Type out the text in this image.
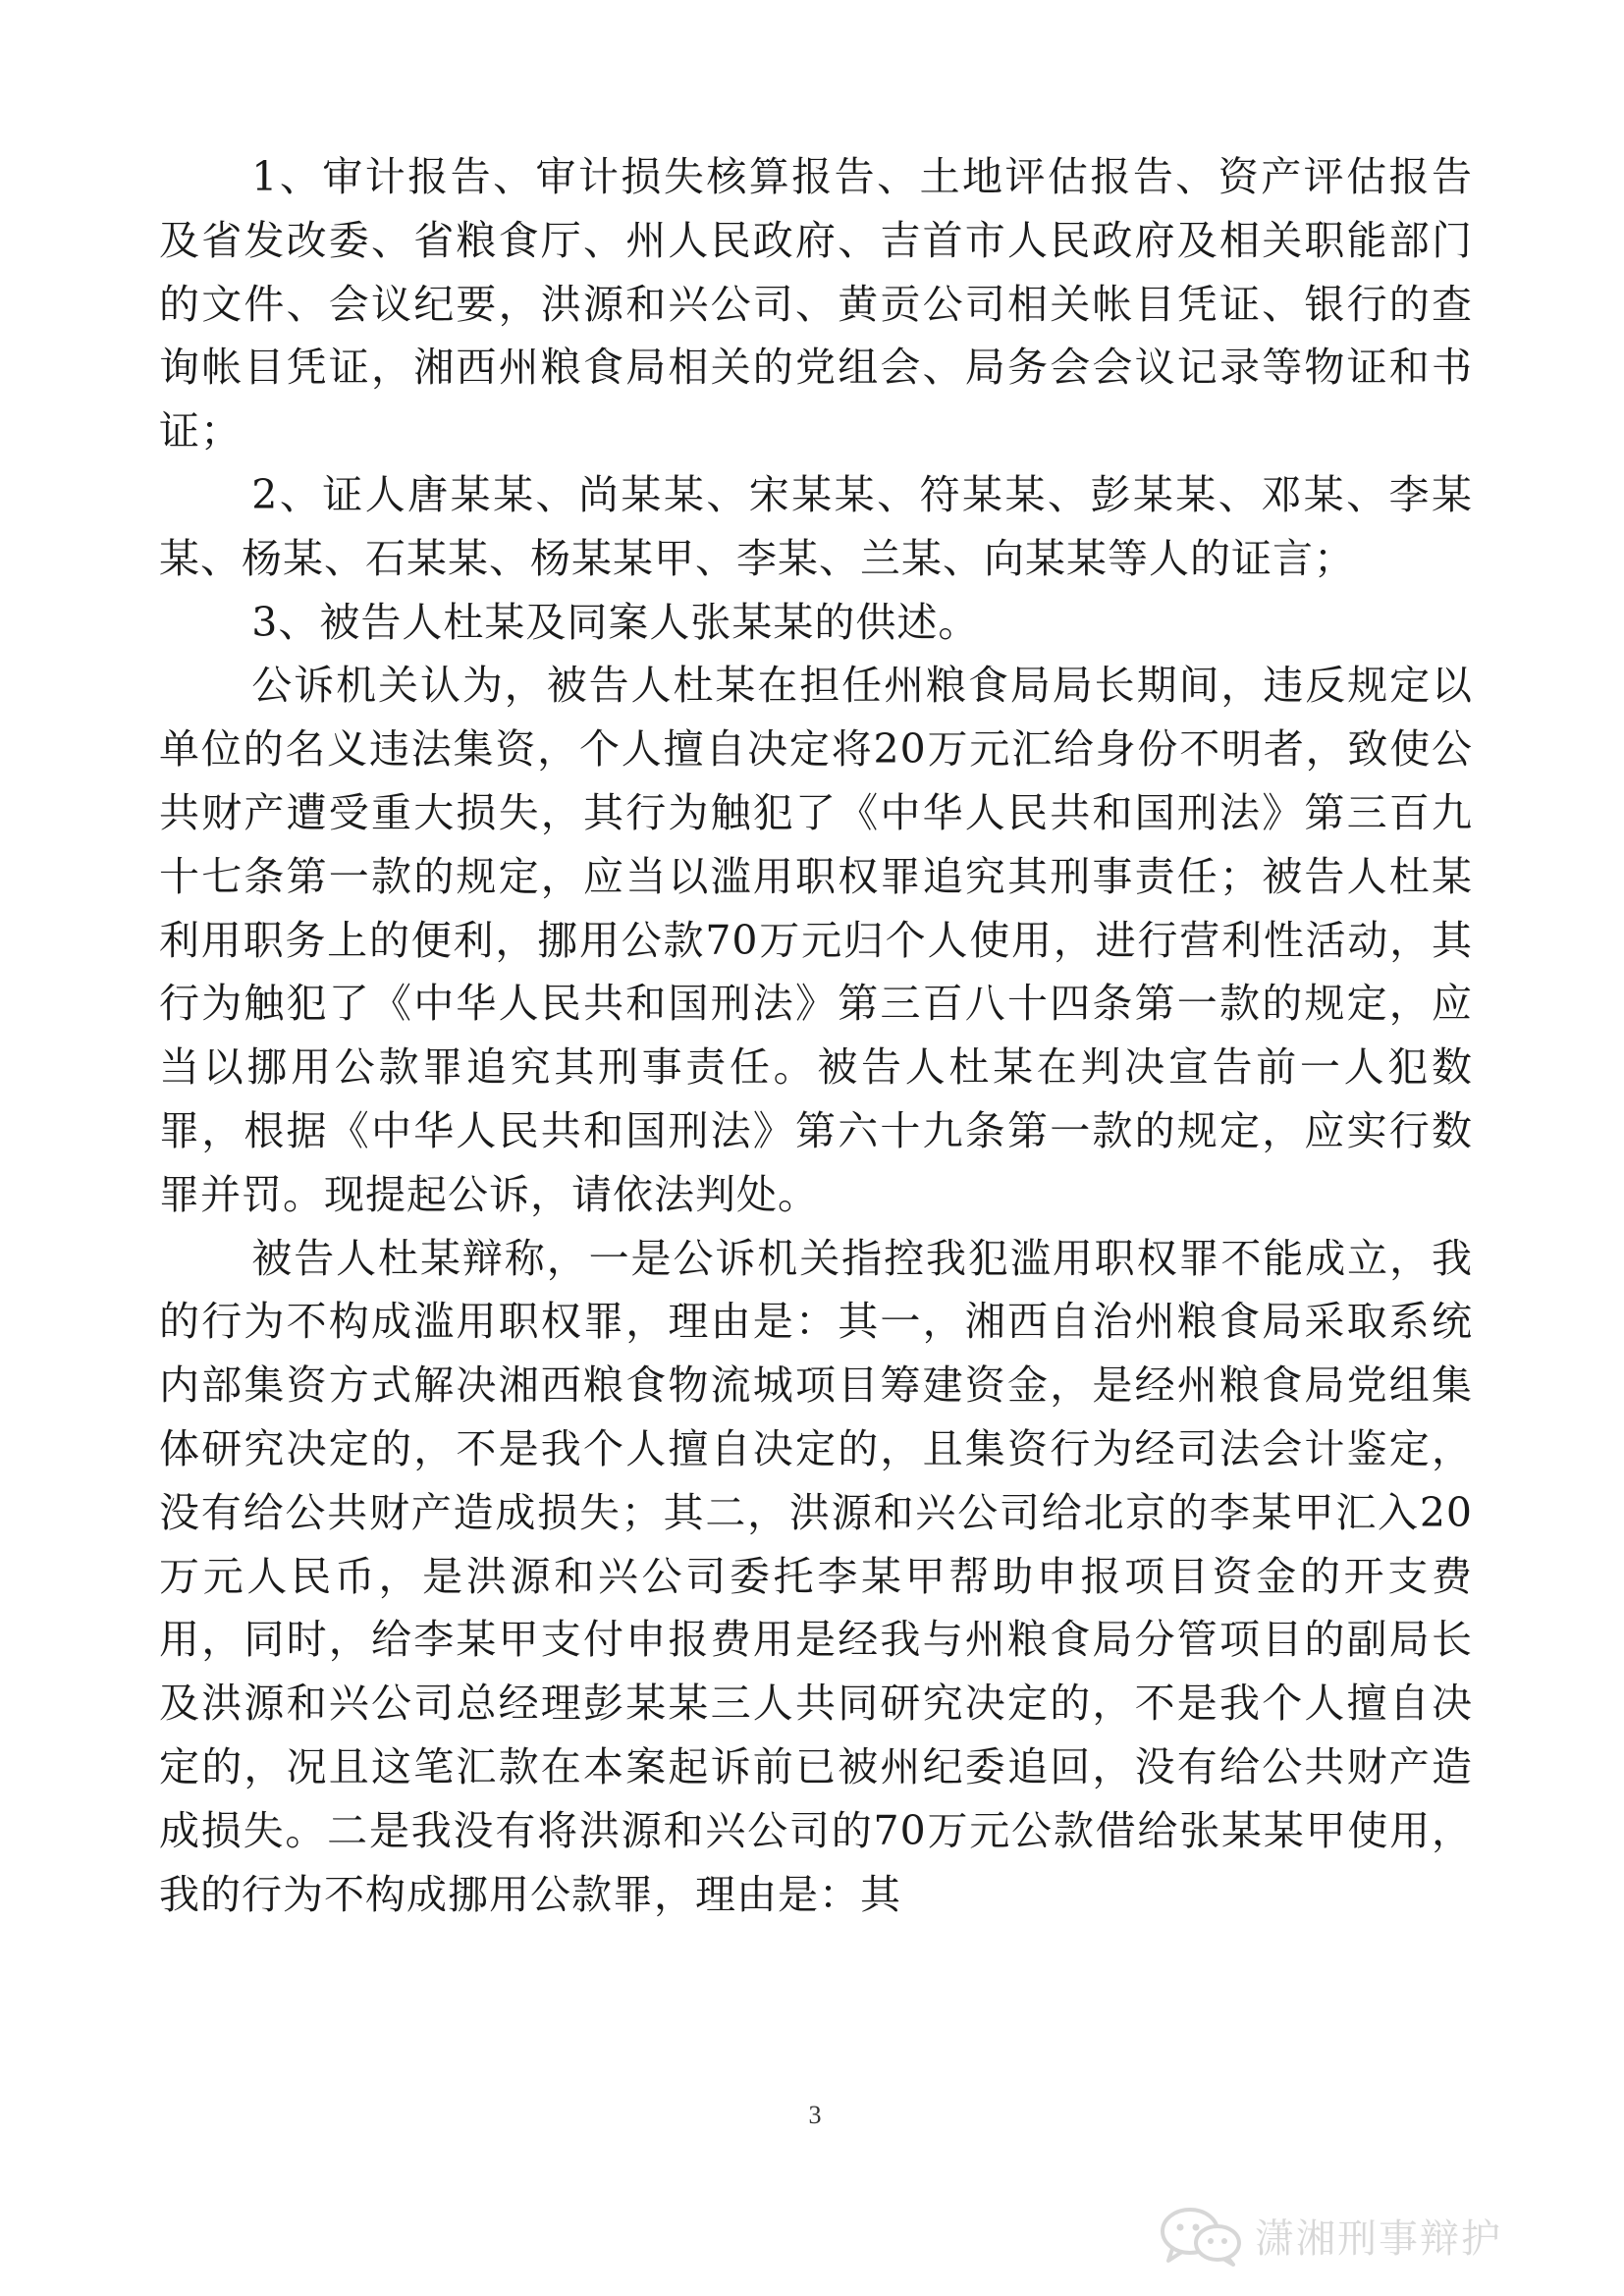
1、审计报告、审计损失核算报告、土地评估报告、资产评估报告及省发改委、省粮食厅、州人民政府、吉首市人民政府及相关职能部门的文件、会议纪要，洪源和兴公司、黄贡公司相关帐目凭证、银行的查询帐目凭证，湘西州粮食局相关的党组会、局务会会议记录等物证和书证；

2、证人唐某某、尚某某、宋某某、符某某、彭某某、邓某、李某某、杨某、石某某、杨某某甲、李某、兰某、向某某等人的证言；

3、被告人杜某及同案人张某某的供述。

公诉机关认为，被告人杜某在担任州粮食局局长期间，违反规定以单位的名义违法集资，个人擅自决定将20万元汇给身份不明者，致使公共财产遭受重大损失，其行为触犯了《中华人民共和国刑法》第三百九十七条第一款的规定，应当以滥用职权罪追究其刑事责任；被告人杜某利用职务上的便利，挪用公款70万元归个人使用，进行营利性活动，其行为触犯了《中华人民共和国刑法》第三百八十四条第一款的规定，应当以挪用公款罪追究其刑事责任。被告人杜某在判决宣告前一人犯数罪，根据《中华人民共和国刑法》第六十九条第一款的规定，应实行数罪并罚。现提起公诉，请依法判处。

被告人杜某辩称，一是公诉机关指控我犯滥用职权罪不能成立，我的行为不构成滥用职权罪，理由是：其一，湘西自治州粮食局采取系统内部集资方式解决湘西粮食物流城项目筹建资金，是经州粮食局党组集体研究决定的，不是我个人擅自决定的，且集资行为经司法会计鉴定，没有给公共财产造成损失；其二，洪源和兴公司给北京的李某甲汇入20万元人民币，是洪源和兴公司委托李某甲帮助申报项目资金的开支费用，同时，给李某甲支付申报费用是经我与州粮食局分管项目的副局长及洪源和兴公司总经理彭某某三人共同研究决定的，不是我个人擅自决定的，况且这笔汇款在本案起诉前已被州纪委追回，没有给公共财产造成损失。二是我没有将洪源和兴公司的70万元公款借给张某某甲使用，我的行为不构成挪用公款罪，理由是：其

3
潇湘刑事辩护
